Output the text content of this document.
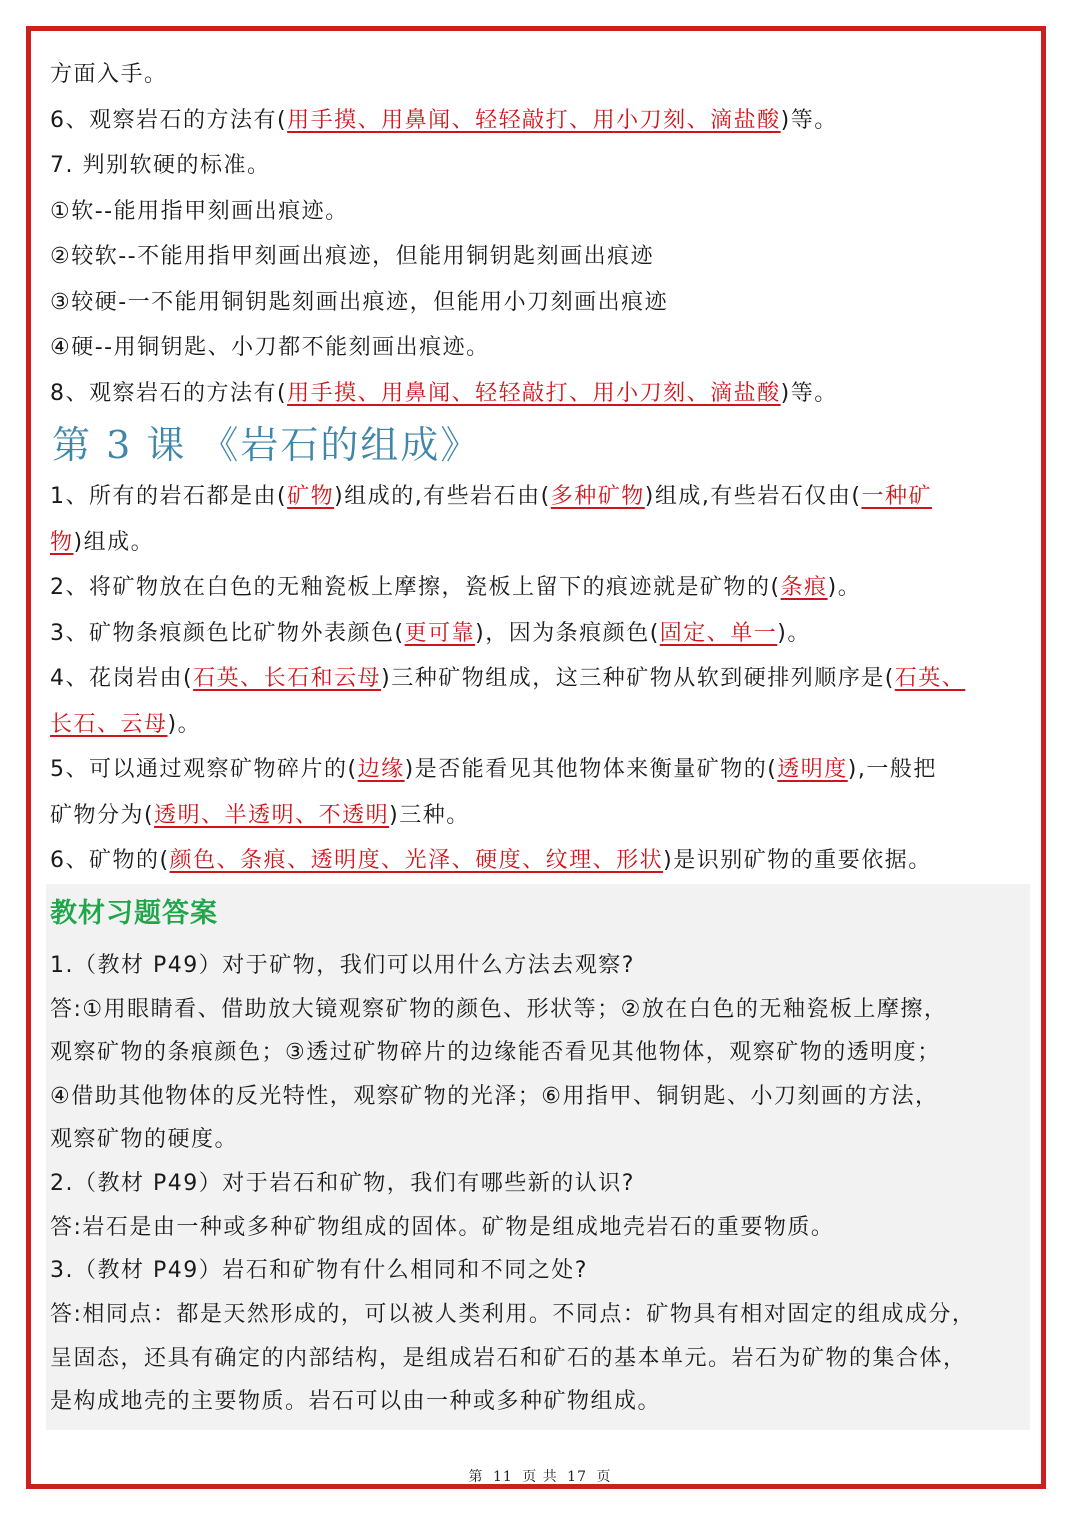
方面入手。
6、观察岩石的方法有(用手摸、用鼻闻、轻轻敲打、用小刀刻、滴盐酸)等。
7. 判别软硬的标准。
①软--能用指甲刻画出痕迹。
②较软--不能用指甲刻画出痕迹，但能用铜钥匙刻画出痕迹
③较硬-一不能用铜钥匙刻画出痕迹，但能用小刀刻画出痕迹
④硬--用铜钥匙、小刀都不能刻画出痕迹。
8、观察岩石的方法有(用手摸、用鼻闻、轻轻敲打、用小刀刻、滴盐酸)等。
第 3 课 《岩石的组成》
1、所有的岩石都是由(矿物)组成的,有些岩石由(多种矿物)组成,有些岩石仅由(一种矿
物)组成。
2、将矿物放在白色的无釉瓷板上摩擦，瓷板上留下的痕迹就是矿物的(条痕)。
3、矿物条痕颜色比矿物外表颜色(更可靠)，因为条痕颜色(固定、单一)。
4、花岗岩由(石英、长石和云母)三种矿物组成，这三种矿物从软到硬排列顺序是(石英、
长石、云母)。
5、可以通过观察矿物碎片的(边缘)是否能看见其他物体来衡量矿物的(透明度),一般把
矿物分为(透明、半透明、不透明)三种。
6、矿物的(颜色、条痕、透明度、光泽、硬度、纹理、形状)是识别矿物的重要依据。
教材习题答案
1.（教材 P49）对于矿物，我们可以用什么方法去观察?
答:①用眼睛看、借助放大镜观察矿物的颜色、形状等；②放在白色的无釉瓷板上摩擦，
观察矿物的条痕颜色；③透过矿物碎片的边缘能否看见其他物体，观察矿物的透明度；
④借助其他物体的反光特性，观察矿物的光泽；⑥用指甲、铜钥匙、小刀刻画的方法，
观察矿物的硬度。
2.（教材 P49）对于岩石和矿物，我们有哪些新的认识?
答:岩石是由一种或多种矿物组成的固体。矿物是组成地壳岩石的重要物质。
3.（教材 P49）岩石和矿物有什么相同和不同之处?
答:相同点：都是天然形成的，可以被人类利用。不同点：矿物具有相对固定的组成成分，
呈固态，还具有确定的内部结构，是组成岩石和矿石的基本单元。岩石为矿物的集合体，
是构成地壳的主要物质。岩石可以由一种或多种矿物组成。
第 11 页 共 17 页
